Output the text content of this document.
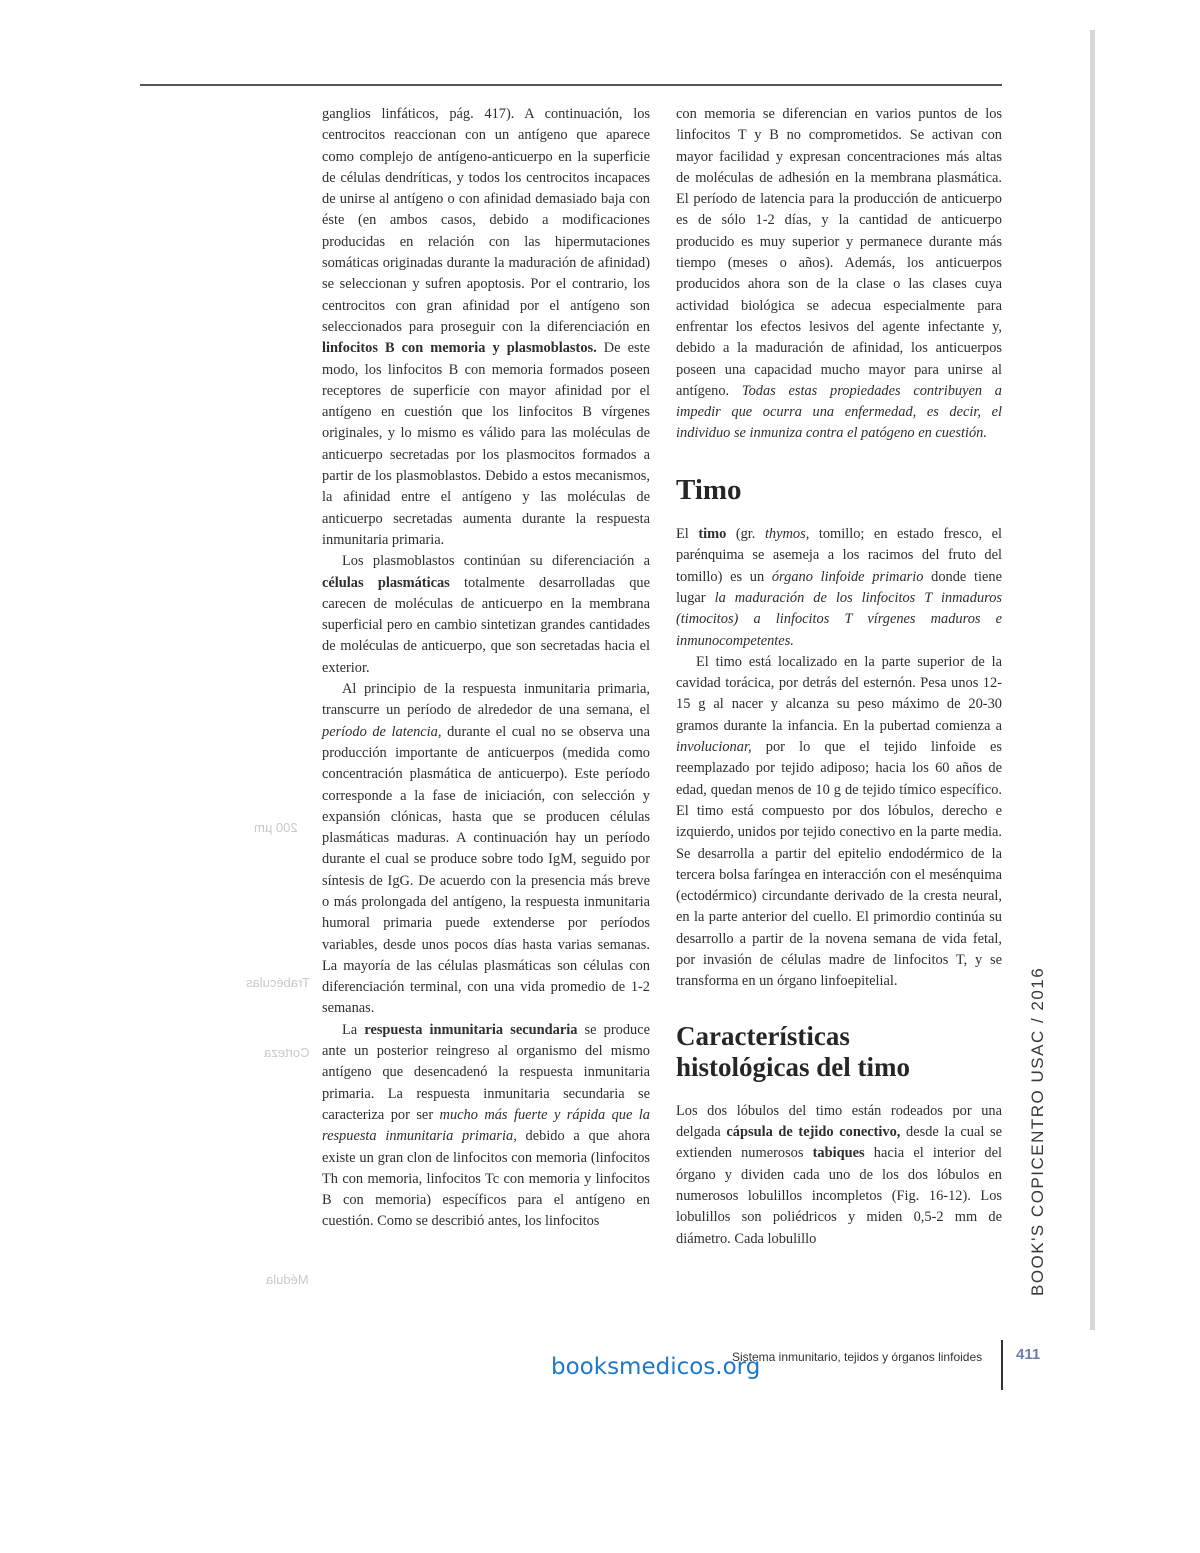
200 µm
Trabéculas
Corteza
Médula

ganglios linfáticos, pág. 417). A continuación, los centrocitos reaccionan con un antígeno que aparece como complejo de antígeno-anticuerpo en la superficie de células dendríticas, y todos los centrocitos incapaces de unirse al antígeno o con afinidad demasiado baja con éste (en ambos casos, debido a modificaciones producidas en relación con las hipermutaciones somáticas originadas durante la maduración de afinidad) se seleccionan y sufren apoptosis. Por el contrario, los centrocitos con gran afinidad por el antígeno son seleccionados para proseguir con la diferenciación en linfocitos B con memoria y plasmoblastos. De este modo, los linfocitos B con memoria formados poseen receptores de superficie con mayor afinidad por el antígeno en cuestión que los linfocitos B vírgenes originales, y lo mismo es válido para las moléculas de anticuerpo secretadas por los plasmocitos formados a partir de los plasmoblastos. Debido a estos mecanismos, la afinidad entre el antígeno y las moléculas de anticuerpo secretadas aumenta durante la respuesta inmunitaria primaria.

Los plasmoblastos continúan su diferenciación a células plasmáticas totalmente desarrolladas que carecen de moléculas de anticuerpo en la membrana superficial pero en cambio sintetizan grandes cantidades de moléculas de anticuerpo, que son secretadas hacia el exterior.

Al principio de la respuesta inmunitaria primaria, transcurre un período de alrededor de una semana, el período de latencia, durante el cual no se observa una producción importante de anticuerpos (medida como concentración plasmática de anticuerpo). Este período corresponde a la fase de iniciación, con selección y expansión clónicas, hasta que se producen células plasmáticas maduras. A continuación hay un período durante el cual se produce sobre todo IgM, seguido por síntesis de IgG. De acuerdo con la presencia más breve o más prolongada del antígeno, la respuesta inmunitaria humoral primaria puede extenderse por períodos variables, desde unos pocos días hasta varias semanas. La mayoría de las células plasmáticas son células con diferenciación terminal, con una vida promedio de 1-2 semanas.

La respuesta inmunitaria secundaria se produce ante un posterior reingreso al organismo del mismo antígeno que desencadenó la respuesta inmunitaria primaria. La respuesta inmunitaria secundaria se caracteriza por ser mucho más fuerte y rápida que la respuesta inmunitaria primaria, debido a que ahora existe un gran clon de linfocitos con memoria (linfocitos Th con memoria, linfocitos Tc con memoria y linfocitos B con memoria) específicos para el antígeno en cuestión. Como se describió antes, los linfocitos

con memoria se diferencian en varios puntos de los linfocitos T y B no comprometidos. Se activan con mayor facilidad y expresan concentraciones más altas de moléculas de adhesión en la membrana plasmática. El período de latencia para la producción de anticuerpo es de sólo 1-2 días, y la cantidad de anticuerpo producido es muy superior y permanece durante más tiempo (meses o años). Además, los anticuerpos producidos ahora son de la clase o las clases cuya actividad biológica se adecua especialmente para enfrentar los efectos lesivos del agente infectante y, debido a la maduración de afinidad, los anticuerpos poseen una capacidad mucho mayor para unirse al antígeno. Todas estas propiedades contribuyen a impedir que ocurra una enfermedad, es decir, el individuo se inmuniza contra el patógeno en cuestión.

Timo

El timo (gr. thymos, tomillo; en estado fresco, el parénquima se asemeja a los racimos del fruto del tomillo) es un órgano linfoide primario donde tiene lugar la maduración de los linfocitos T inmaduros (timocitos) a linfocitos T vírgenes maduros e inmunocompetentes.

El timo está localizado en la parte superior de la cavidad torácica, por detrás del esternón. Pesa unos 12-15 g al nacer y alcanza su peso máximo de 20-30 gramos durante la infancia. En la pubertad comienza a involucionar, por lo que el tejido linfoide es reemplazado por tejido adiposo; hacia los 60 años de edad, quedan menos de 10 g de tejido tímico específico. El timo está compuesto por dos lóbulos, derecho e izquierdo, unidos por tejido conectivo en la parte media. Se desarrolla a partir del epitelio endodérmico de la tercera bolsa faríngea en interacción con el mesénquima (ectodérmico) circundante derivado de la cresta neural, en la parte anterior del cuello. El primordio continúa su desarrollo a partir de la novena semana de vida fetal, por invasión de células madre de linfocitos T, y se transforma en un órgano linfoepitelial.

Características
histológicas del timo

Los dos lóbulos del timo están rodeados por una delgada cápsula de tejido conectivo, desde la cual se extienden numerosos tabiques hacia el interior del órgano y dividen cada uno de los dos lóbulos en numerosos lobulillos incompletos (Fig. 16-12). Los lobulillos son poliédricos y miden 0,5-2 mm de diámetro. Cada lobulillo	BOOK'S COPICENTRO USAC / 2016
Sistema inmunitario, tejidos y órganos linfoides 411
booksmedicos.org
